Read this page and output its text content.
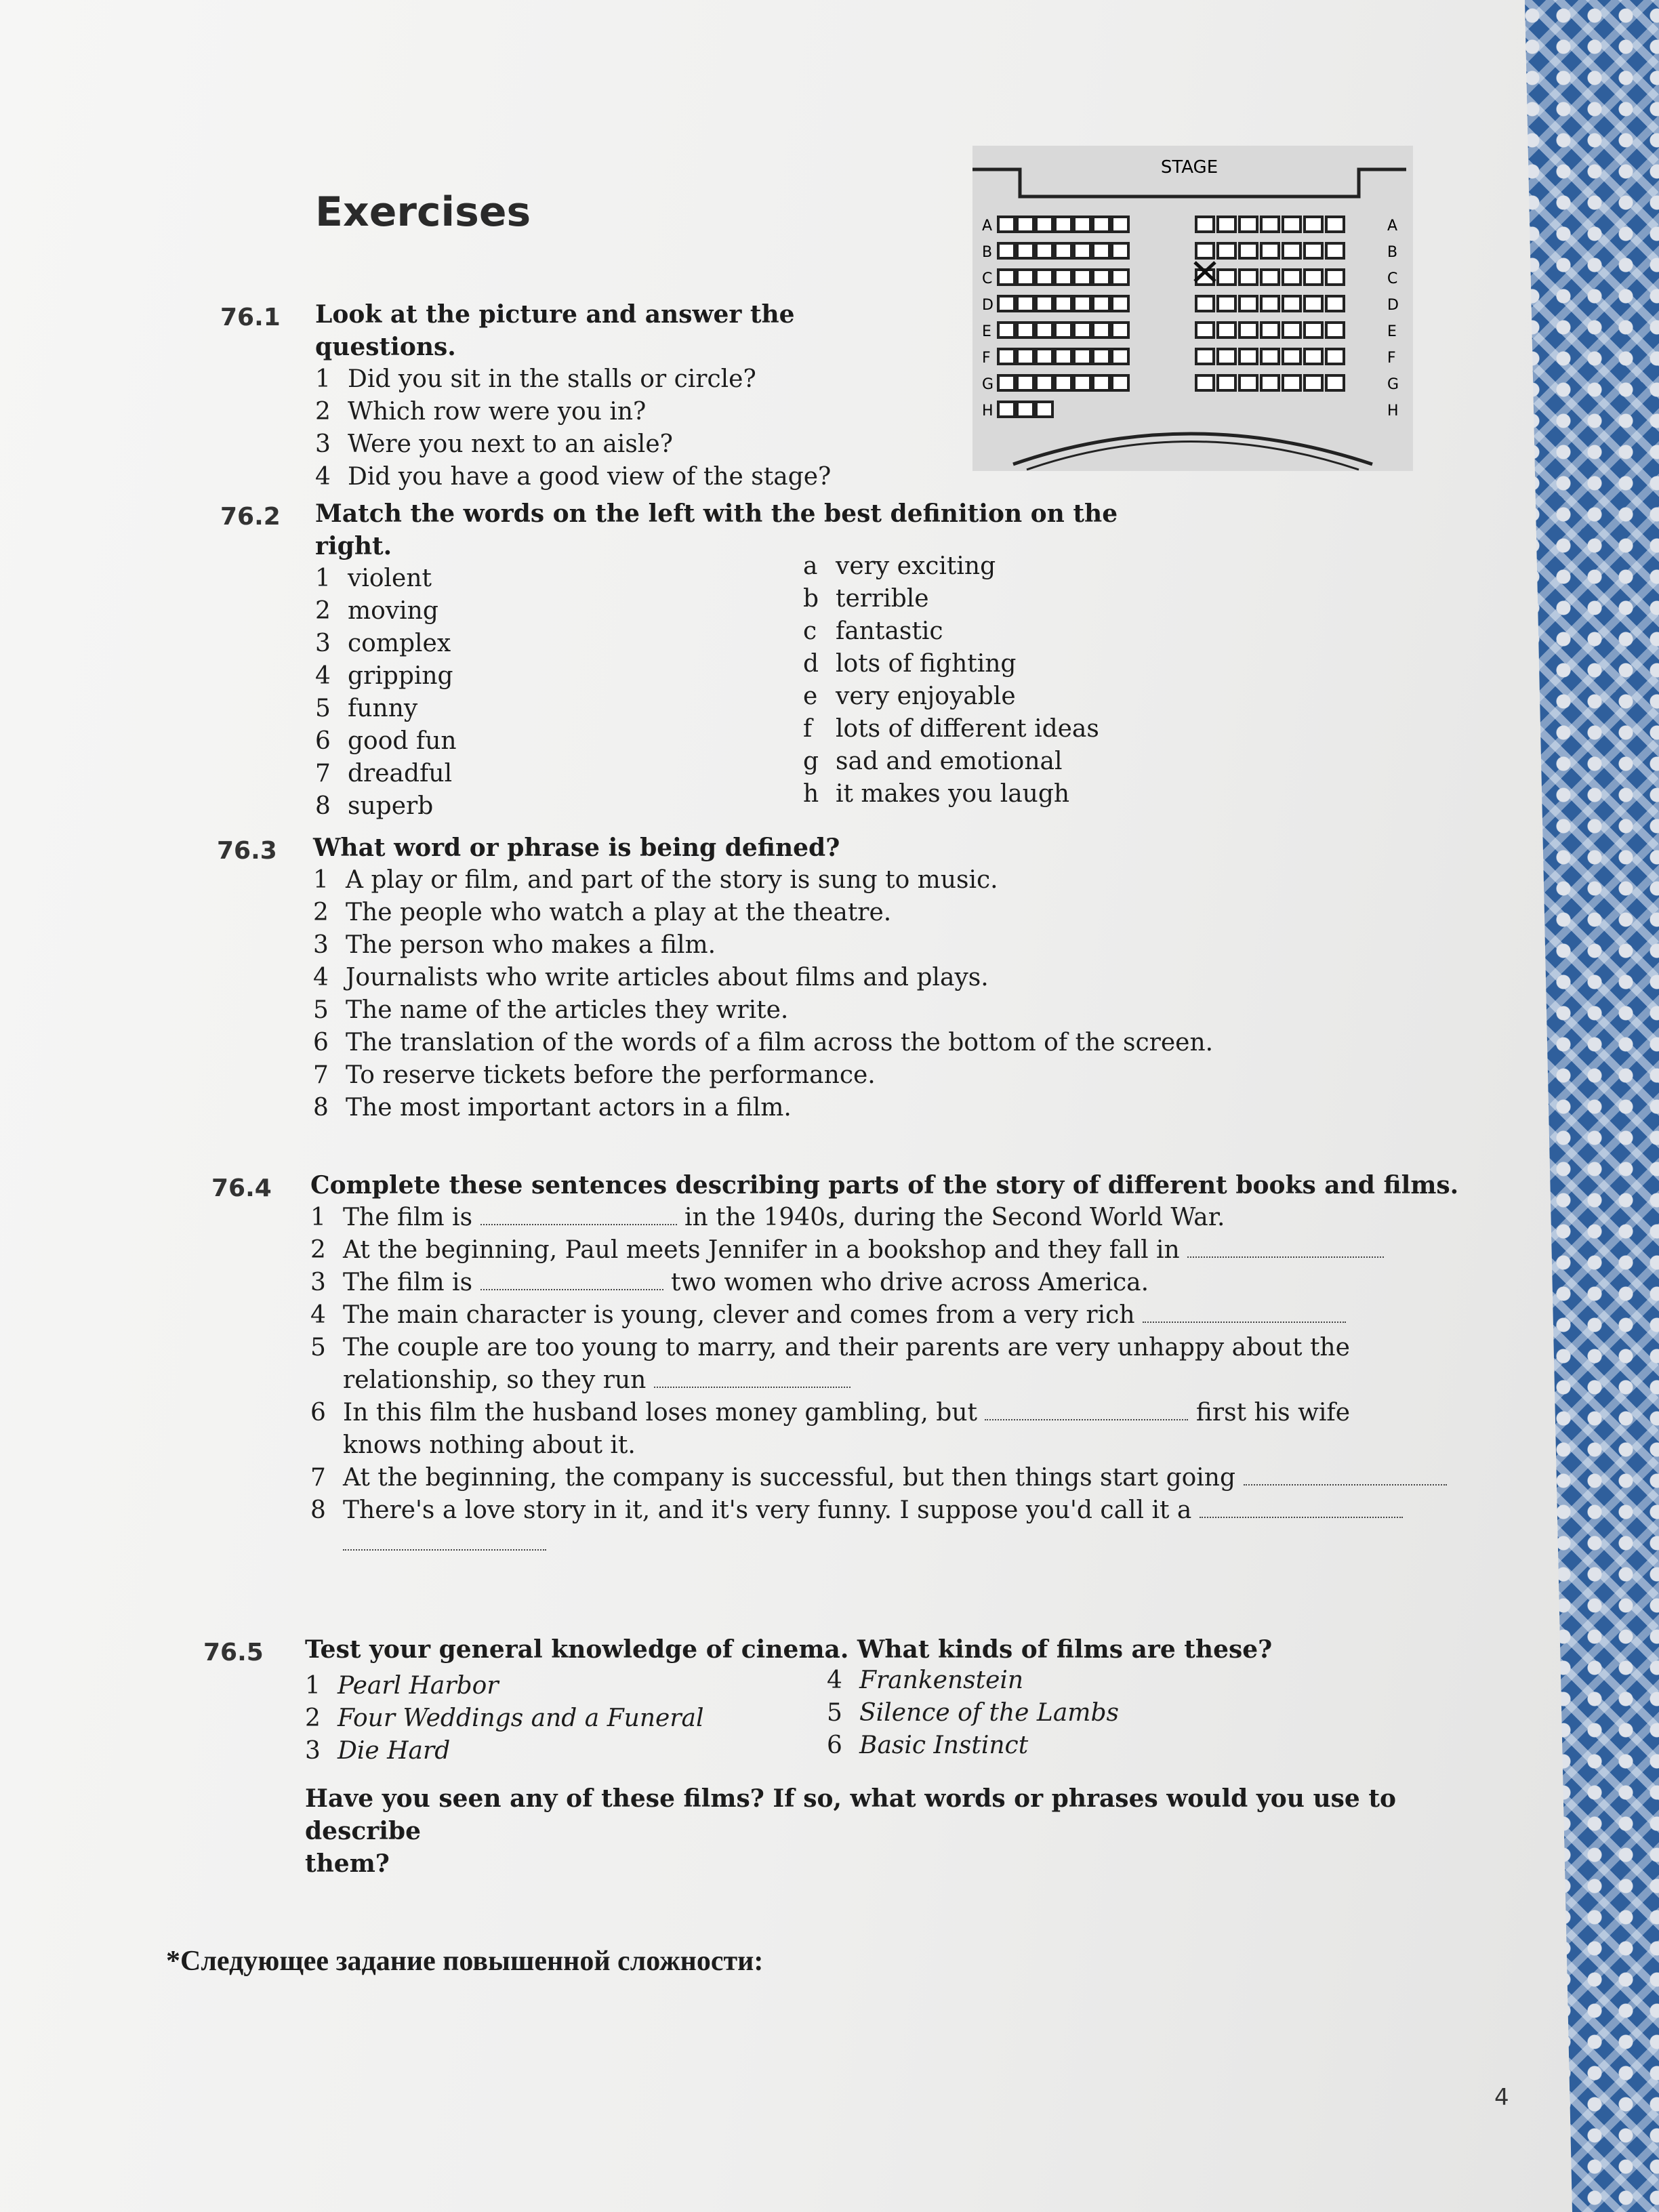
Exercises
STAGE
A	A
B	B
C	C
D	D
E	E
F	F
G	G
H	H
76.1 Look at the picture and answer the questions.
1 Did you sit in the stalls or circle?
2 Which row were you in?
3 Were you next to an aisle?
4 Did you have a good view of the stage?
76.2 Match the words on the left with the best definition on the right.
1 violent
2 moving
3 complex
4 gripping
5 funny
6 good fun
7 dreadful
8 superb
a very exciting
b terrible
c fantastic
d lots of fighting
e very enjoyable
f lots of different ideas
g sad and emotional
h it makes you laugh
76.3 What word or phrase is being defined?
1 A play or film, and part of the story is sung to music.
2 The people who watch a play at the theatre.
3 The person who makes a film.
4 Journalists who write articles about films and plays.
5 The name of the articles they write.
6 The translation of the words of a film across the bottom of the screen.
7 To reserve tickets before the performance.
8 The most important actors in a film.
76.4 Complete these sentences describing parts of the story of different books and films.
1 The film is	in the 1940s, during the Second World War.
2 At the beginning, Paul meets Jennifer in a bookshop and they fall in
3 The film is	two women who drive across America.
4 The main character is young, clever and comes from a very rich
5 The couple are too young to marry, and their parents are very unhappy about the
relationship, so they run
6 In this film the husband loses money gambling, but	first his wife
knows nothing about it.
7 At the beginning, the company is successful, but then things start going
8 There's a love story in it, and it's very funny. I suppose you'd call it a

76.5 Test your general knowledge of cinema. What kinds of films are these?
1 Pearl Harbor
2 Four Weddings and a Funeral
3 Die Hard
4 Frankenstein
5 Silence of the Lambs
6 Basic Instinct
Have you seen any of these films? If so, what words or phrases would you use to describe
them?
*Следующее задание повышенной сложности:
4
